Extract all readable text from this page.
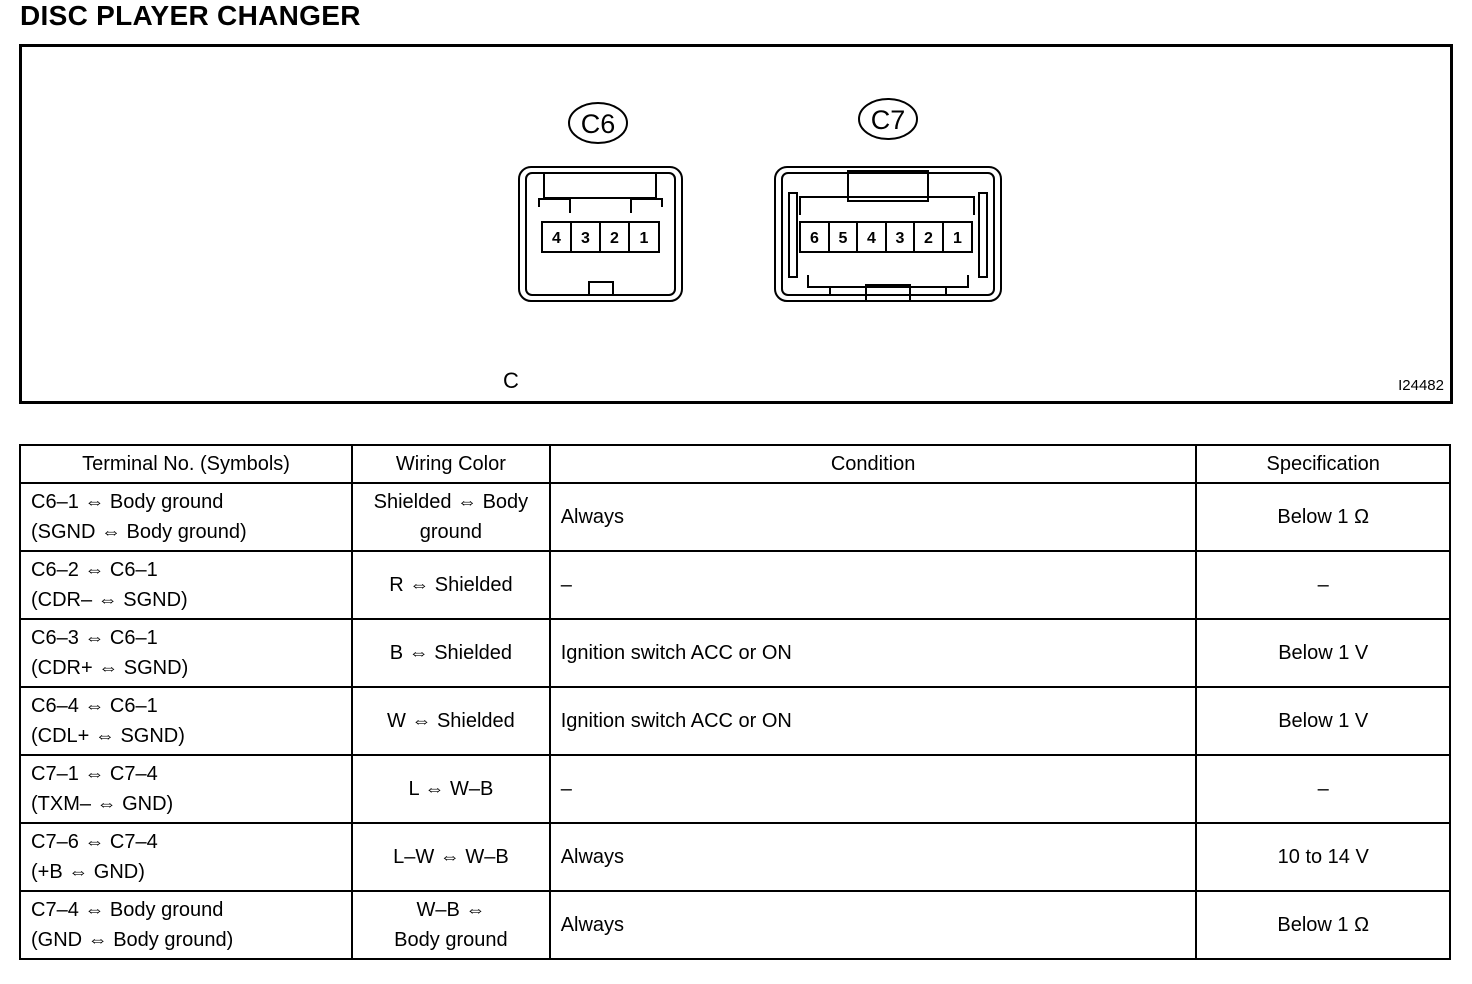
DISC PLAYER CHANGER
4 3 2 1	6 5 4 3 2 1
C6	C7
C	I24482
Terminal No. (Symbols)	Wiring Color	Condition	Specification

C6–1 ⇔ Body ground
(SGND ⇔ Body ground)	Shielded ⇔ Body
ground	Always	Below 1 Ω

C6–2 ⇔ C6–1
(CDR– ⇔ SGND)	R ⇔ Shielded	–	–

C6–3 ⇔ C6–1
(CDR+ ⇔ SGND)	B ⇔ Shielded	Ignition switch ACC or ON	Below 1 V

C6–4 ⇔ C6–1
(CDL+ ⇔ SGND)	W ⇔ Shielded	Ignition switch ACC or ON	Below 1 V

C7–1 ⇔ C7–4
(TXM– ⇔ GND)	L ⇔ W–B	–	–

C7–6 ⇔ C7–4
(+B ⇔ GND)	L–W ⇔ W–B	Always	10 to 14 V

C7–4 ⇔ Body ground
(GND ⇔ Body ground)	W–B ⇔
Body ground	Always	Below 1 Ω
